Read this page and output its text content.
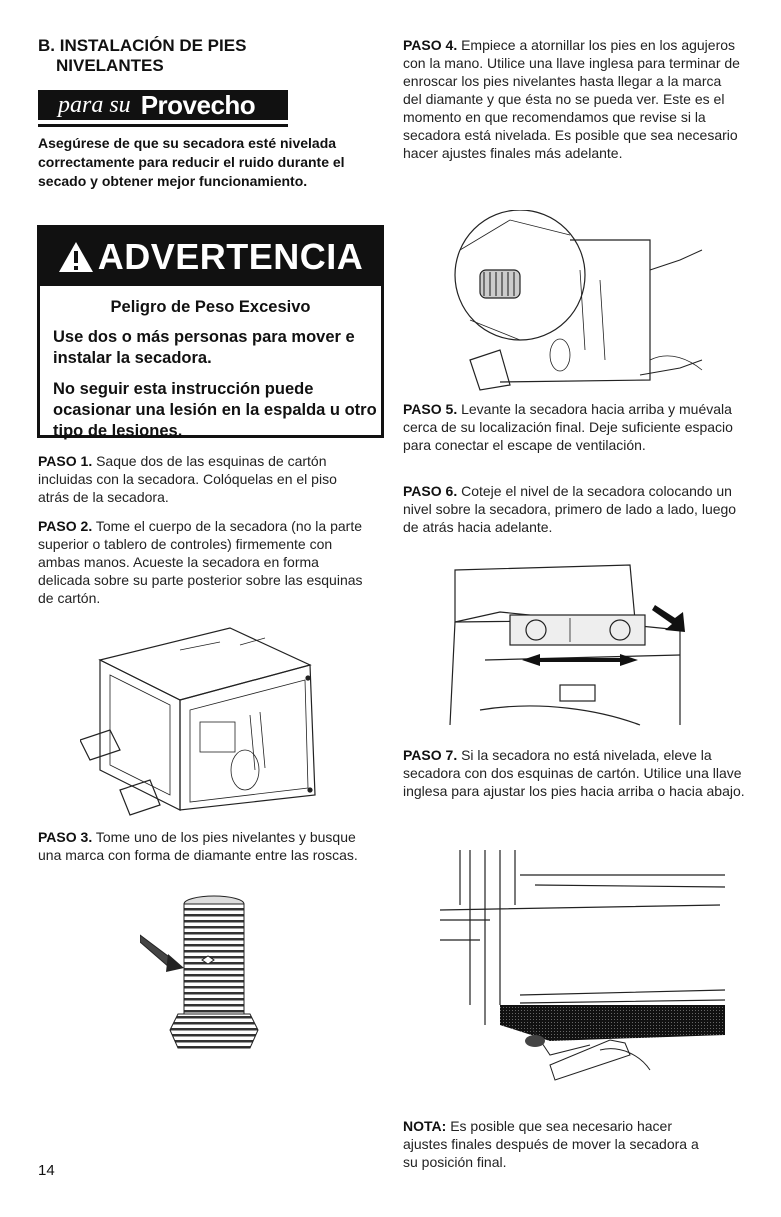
B. INSTALACIÓN DE PIES
NIVELANTES
para su Provecho
Asegúrese de que su secadora esté nivelada correctamente para reducir el ruido durante el secado y obtener mejor funcionamiento.
ADVERTENCIA
Peligro de Peso Excesivo
Use dos o más personas para mover e instalar la secadora.
No seguir esta instrucción puede ocasionar una lesión en la espalda u otro tipo de lesiones.
PASO 1. Saque dos de las esquinas de cartón incluidas con la secadora. Colóquelas en el piso atrás de la secadora.
PASO 2. Tome el cuerpo de la secadora (no la parte superior o tablero de controles) firmemente con ambas manos. Acueste la secadora en forma delicada sobre su parte posterior sobre las esquinas de cartón.
PASO 3. Tome uno de los pies nivelantes y busque una marca con forma de diamante entre las roscas.
PASO 4. Empiece a atornillar los pies en los agujeros con la mano. Utilice una llave inglesa para terminar de enroscar los pies nivelantes hasta llegar a la marca del diamante y que ésta no se pueda ver. Este es el momento en que recomendamos que revise si la secadora está nivelada. Es posible que sea necesario hacer ajustes finales más adelante.
PASO 5. Levante la secadora hacia arriba y muévala cerca de su localización final. Deje suficiente espacio para conectar el escape de ventilación.
PASO 6. Coteje el nivel de la secadora colocando un nivel sobre la secadora, primero de lado a lado, luego de atrás hacia adelante.
PASO 7. Si la secadora no está nivelada, eleve la secadora con dos esquinas de cartón. Utilice una llave inglesa para ajustar los pies hacia arriba o hacia abajo.
NOTA: Es posible que sea necesario hacer ajustes finales después de mover la secadora a su posición final.
14
